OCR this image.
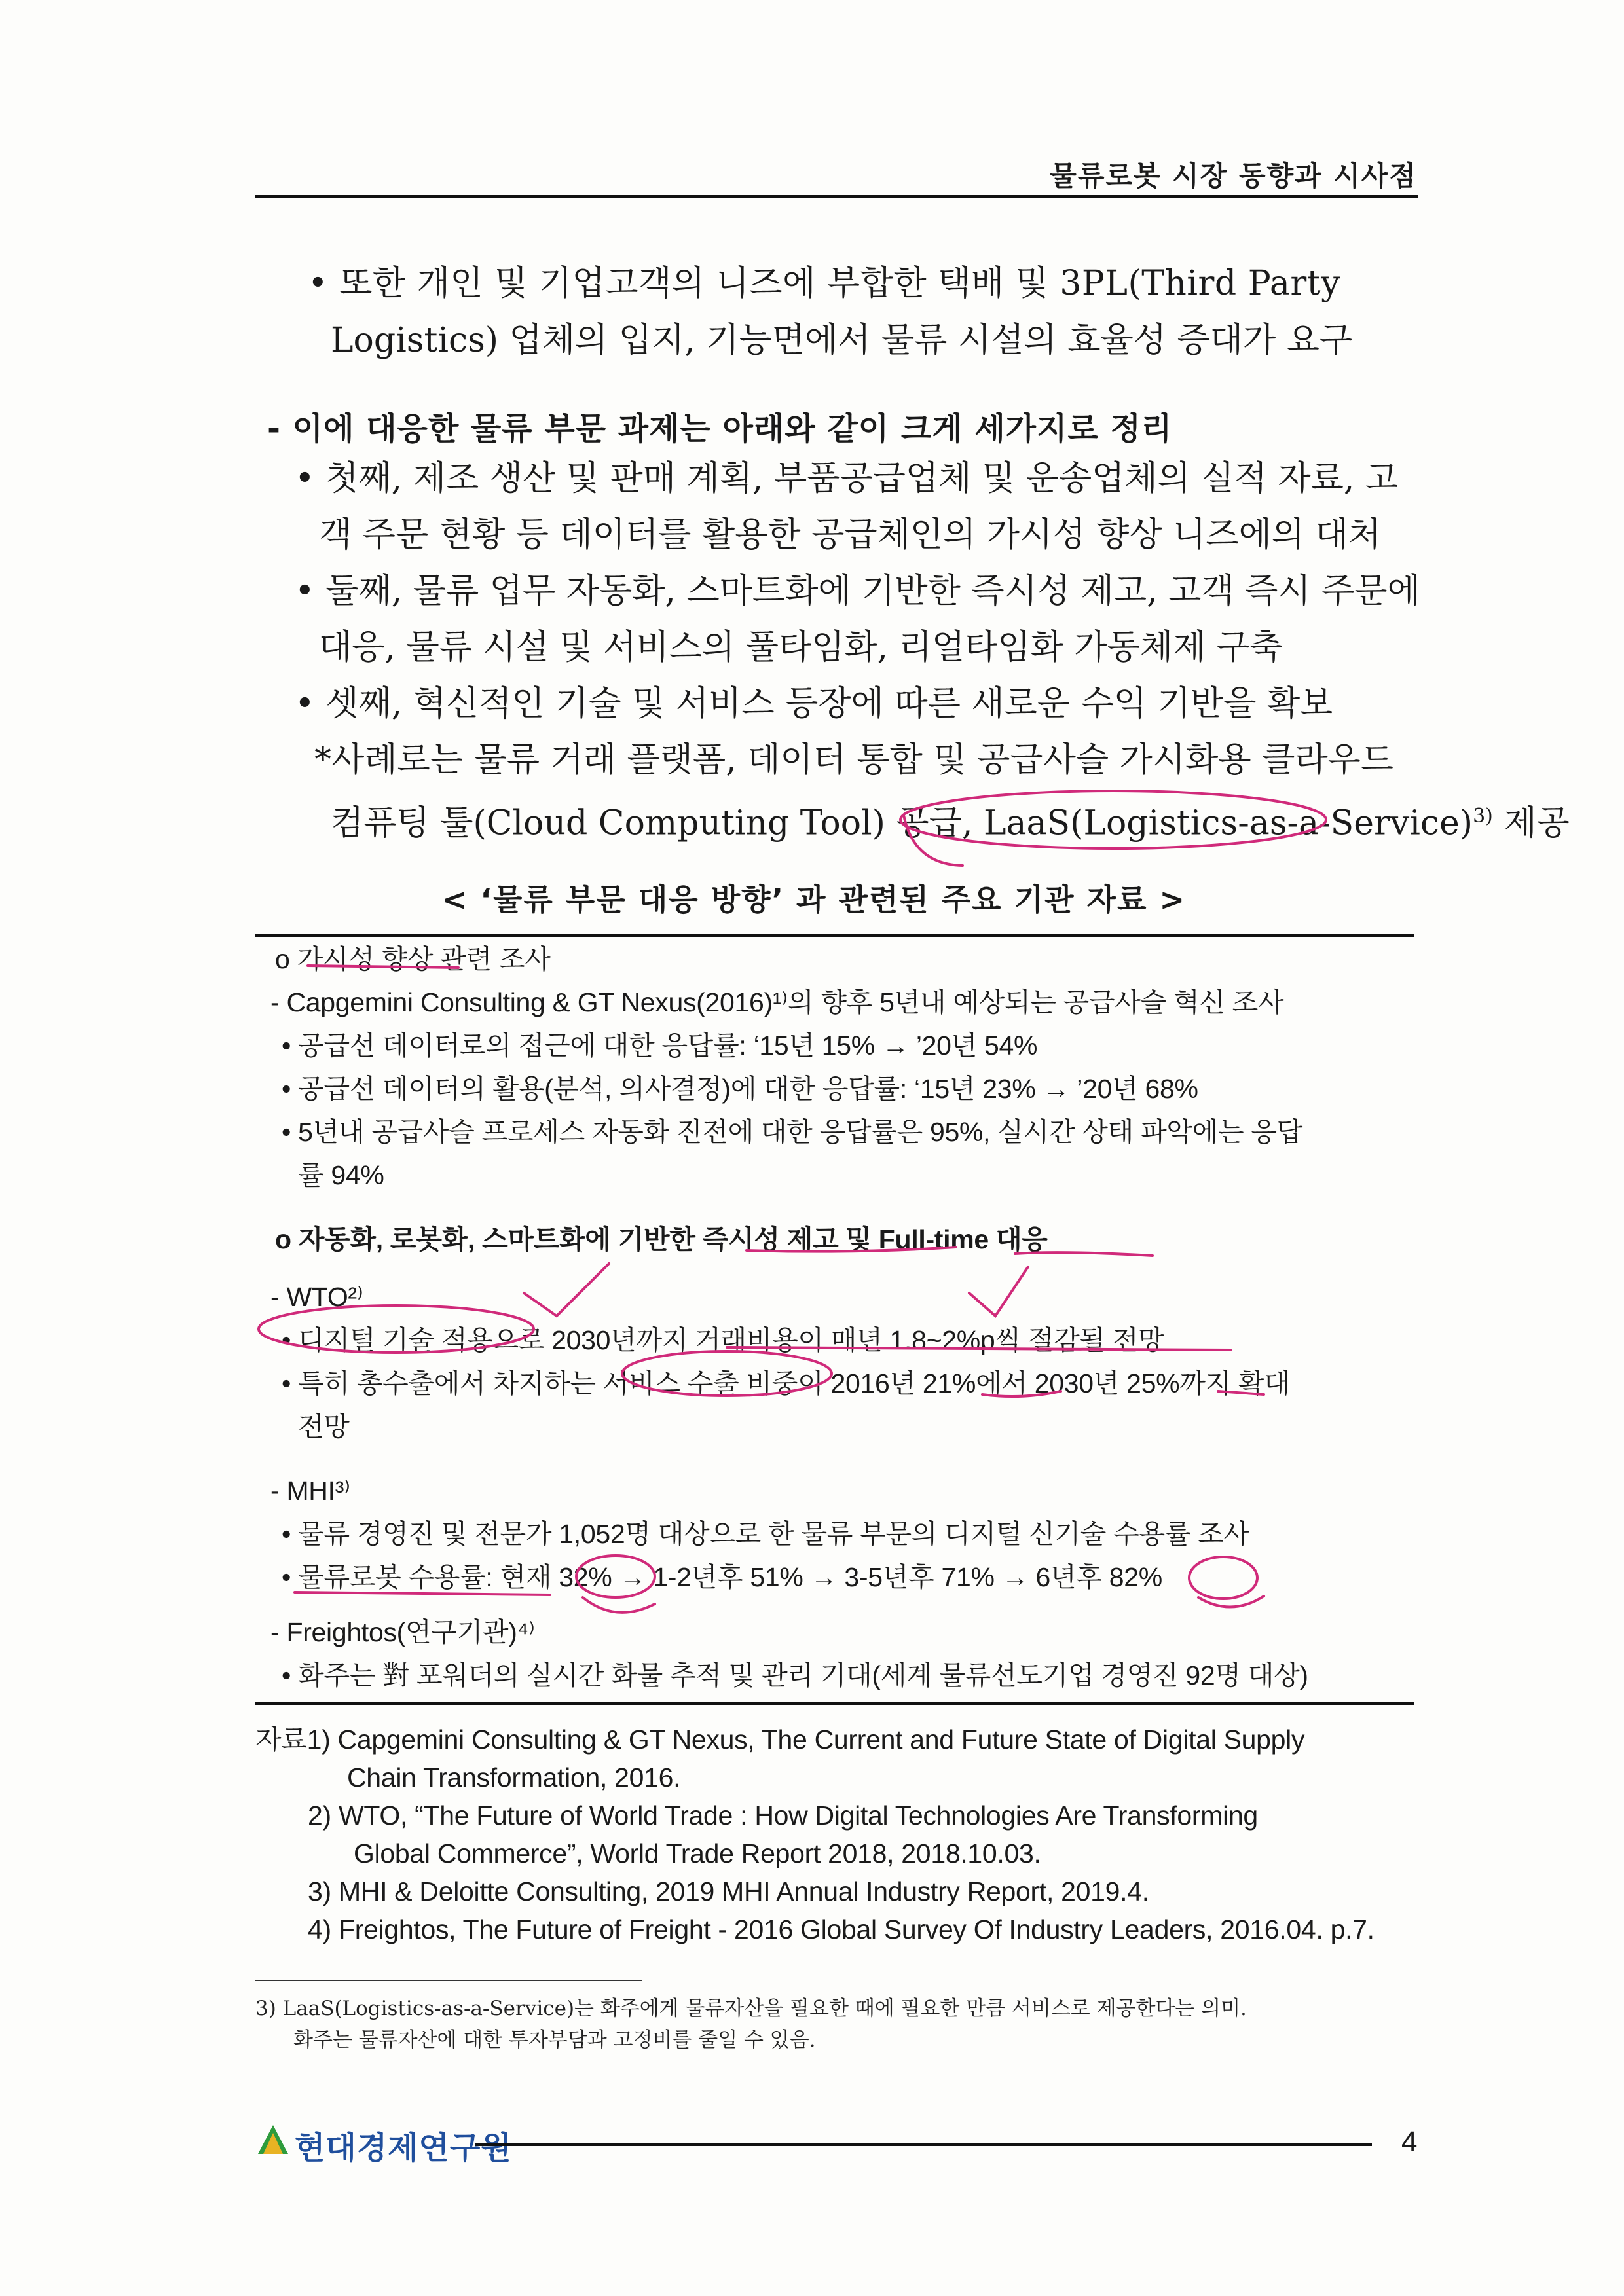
물류로봇 시장 동향과 시사점
• 또한 개인 및 기업고객의 니즈에 부합한 택배 및 3PL(Third Party
Logistics) 업체의 입지, 기능면에서 물류 시설의 효율성 증대가 요구
- 이에 대응한 물류 부문 과제는 아래와 같이 크게 세가지로 정리
• 첫째, 제조 생산 및 판매 계획, 부품공급업체 및 운송업체의 실적 자료, 고
객 주문 현황 등 데이터를 활용한 공급체인의 가시성 향상 니즈에의 대처
• 둘째, 물류 업무 자동화, 스마트화에 기반한 즉시성 제고, 고객 즉시 주문에
대응, 물류 시설 및 서비스의 풀타임화, 리얼타임화 가동체제 구축
• 셋째, 혁신적인 기술 및 서비스 등장에 따른 새로운 수익 기반을 확보
*사례로는 물류 거래 플랫폼, 데이터 통합 및 공급사슬 가시화용 클라우드
컴퓨팅 툴(Cloud Computing Tool) 공급, LaaS(Logistics-as-a-Service)$^{3)}$ 제공
< ‘물류 부문 대응 방향’ 과 관련된 주요 기관 자료 >
o 가시성 향상 관련 조사
- Capgemini Consulting & GT Nexus(2016)¹⁾의 향후 5년내 예상되는 공급사슬 혁신 조사
• 공급선 데이터로의 접근에 대한 응답률: ‘15년 15% → ’20년 54%
• 공급선 데이터의 활용(분석, 의사결정)에 대한 응답률: ‘15년 23% → ’20년 68%
• 5년내 공급사슬 프로세스 자동화 진전에 대한 응답률은 95%, 실시간 상태 파악에는 응답
률 94%
o 자동화, 로봇화, 스마트화에 기반한 즉시성 제고 및 Full-time 대응
- WTO²⁾
• 디지털 기술 적용으로 2030년까지 거래비용이 매년 1.8~2%p씩 절감될 전망
• 특히 총수출에서 차지하는 서비스 수출 비중이 2016년 21%에서 2030년 25%까지 확대
전망
- MHI³⁾
• 물류 경영진 및 전문가 1,052명 대상으로 한 물류 부문의 디지털 신기술 수용률 조사
• 물류로봇 수용률: 현재 32% → 1-2년후 51% → 3-5년후 71% → 6년후 82%
- Freightos(연구기관)⁴⁾
• 화주는 對 포워더의 실시간 화물 추적 및 관리 기대(세계 물류선도기업 경영진 92명 대상)
자료1) Capgemini Consulting & GT Nexus, The Current and Future State of Digital Supply
Chain Transformation, 2016.
2) WTO, “The Future of World Trade : How Digital Technologies Are Transforming
Global Commerce”, World Trade Report 2018, 2018.10.03.
3) MHI & Deloitte Consulting, 2019 MHI Annual Industry Report, 2019.4.
4) Freightos, The Future of Freight - 2016 Global Survey Of Industry Leaders, 2016.04. p.7.
3) LaaS(Logistics-as-a-Service)는 화주에게 물류자산을 필요한 때에 필요한 만큼 서비스로 제공한다는 의미.
화주는 물류자산에 대한 투자부담과 고정비를 줄일 수 있음.
현대경제연구원	4
